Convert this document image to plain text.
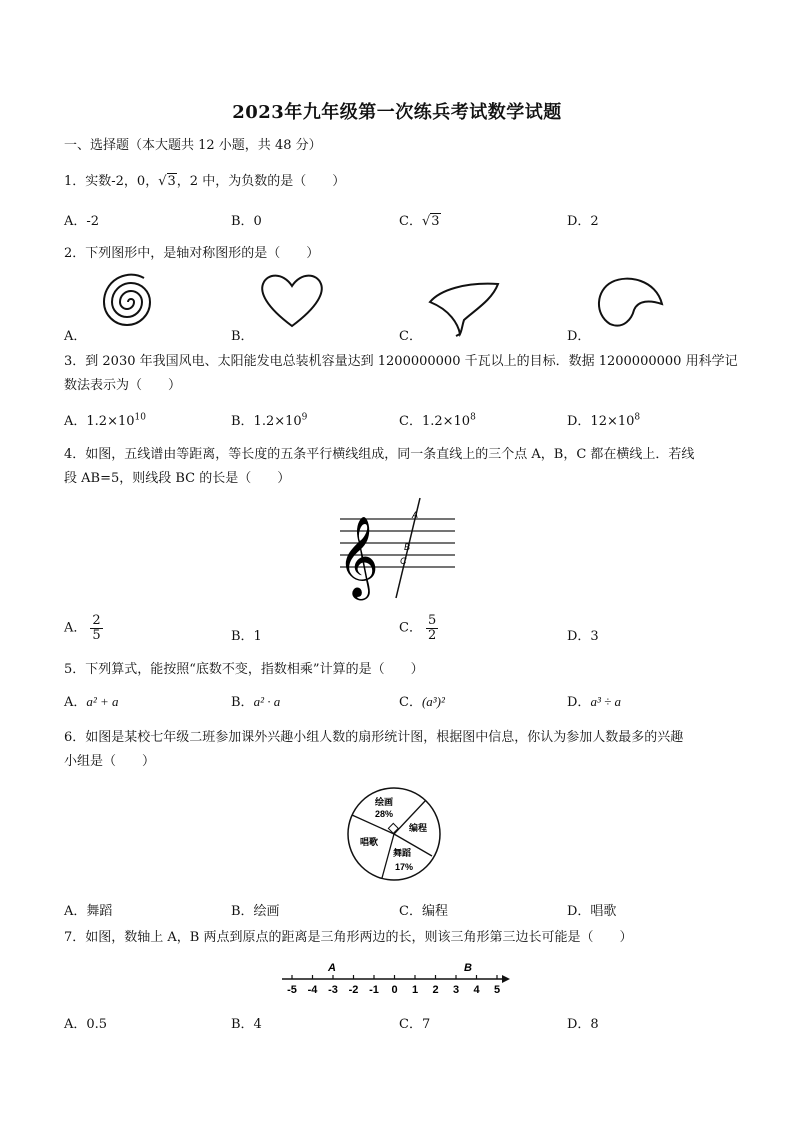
2023年九年级第一次练兵考试数学试题
一、选择题（本大题共 12 小题，共 48 分）
1．实数-2，0，√3，2 中，为负数的是（　　）
A．-2	B．0	C．√3	D．2
2．下列图形中，是轴对称图形的是（　　）
A．	B．	C．	D．
3．到 2030 年我国风电、太阳能发电总装机容量达到 1200000000 千瓦以上的目标．数据 1200000000 用科学记
数法表示为（　　）
A．$1.2\times 10^{10}$	B．$1.2\times 10^9$	C．$1.2\times 10^8$	D．$12\times 10^8$
4．如图，五线谱由等距离，等长度的五条平行横线组成，同一条直线上的三个点 A，B，C 都在横线上．若线
段 AB=5，则线段 BC 的长是（　　）
𝄞
A
B
C
A． $\frac{2}{5}$	B．1
C． $\frac{5}{2}$	D．3
5．下列算式，能按照“底数不变，指数相乘”计算的是（　　）
A．a² + a	B．a² · a	C．(a³)²	D．a³ ÷ a
6．如图是某校七年级二班参加课外兴趣小组人数的扇形统计图，根据图中信息，你认为参加人数最多的兴趣
小组是（　　）
绘画
28%
编程
唱歌
舞蹈
17%
A．舞蹈	B．绘画	C．编程	D．唱歌
7．如图，数轴上 A，B 两点到原点的距离是三角形两边的长，则该三角形第三边长可能是（　　）
-5 -4 -3 -2 -1 0 1 2 3 4 5
A	B
A．0.5	B．4	C．7	D．8
